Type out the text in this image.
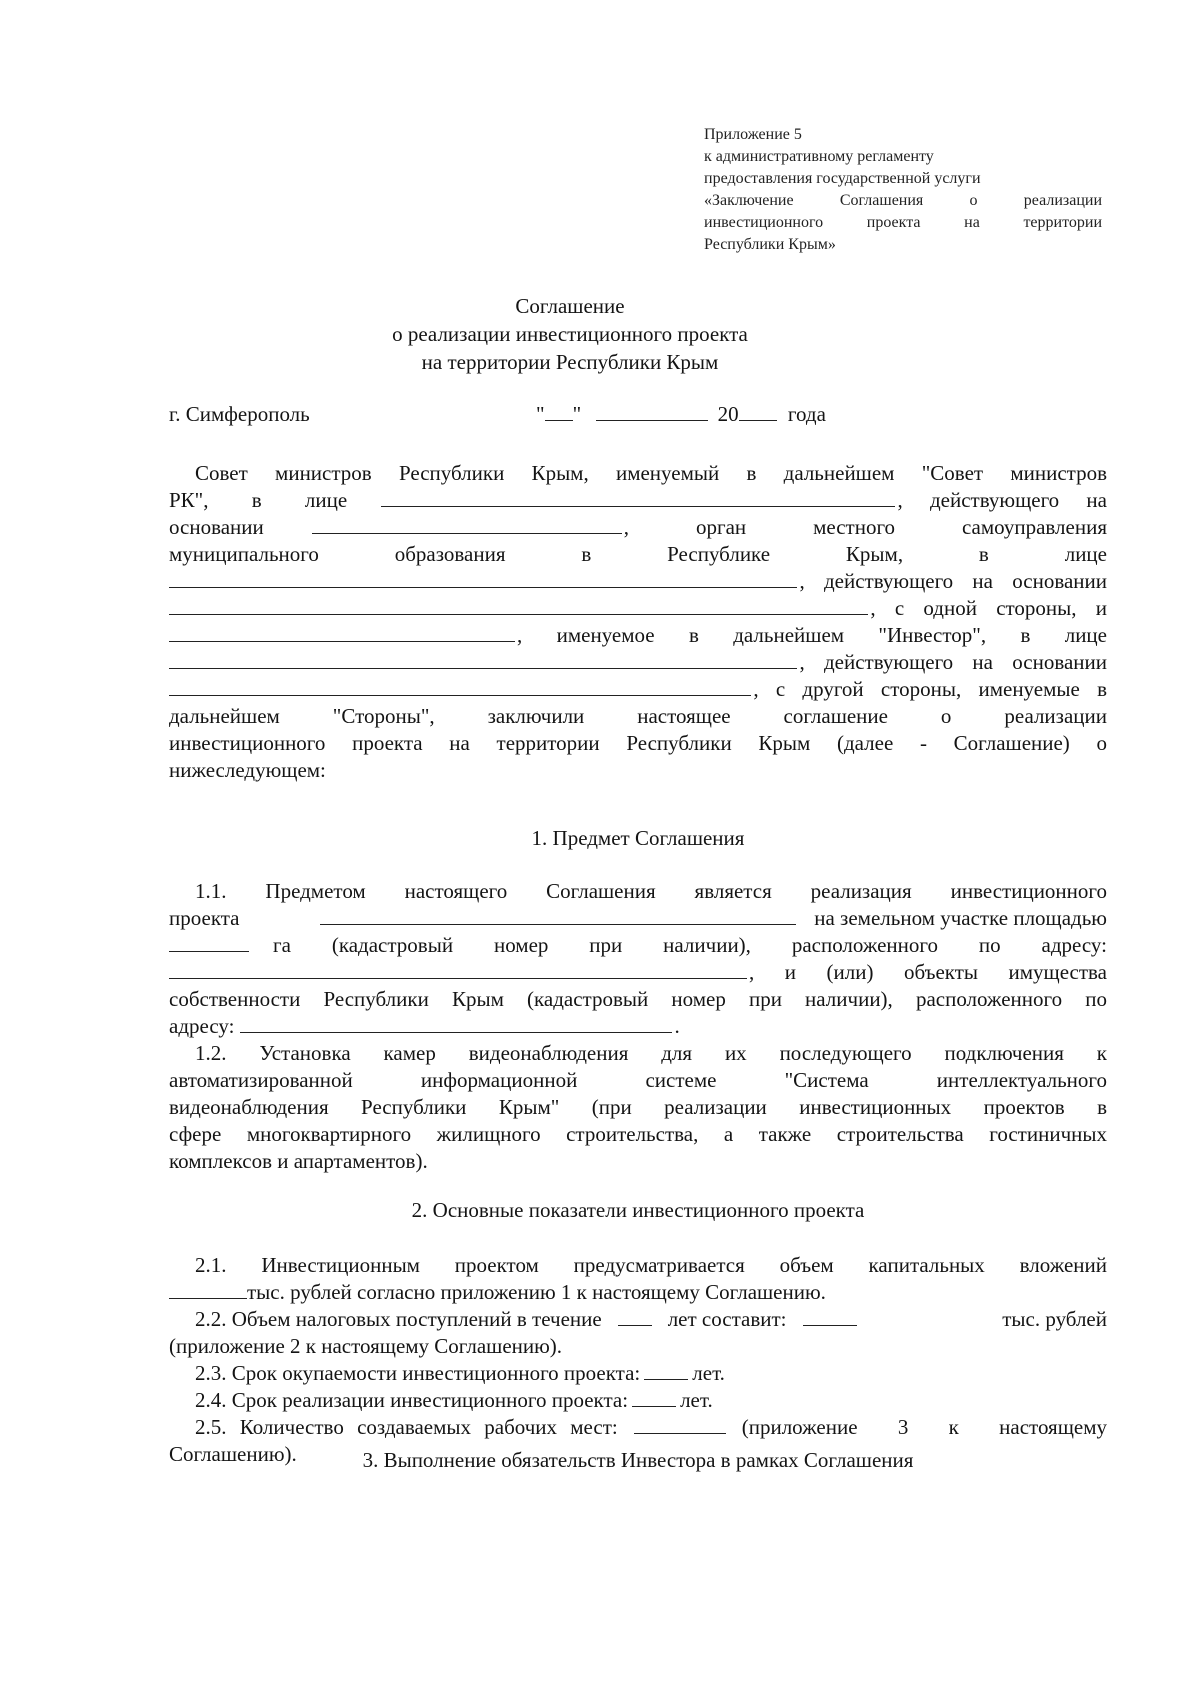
Приложение 5
к административному регламенту
предоставления государственной услуги
«Заключение Соглашения о реализации
инвестиционного проекта на территории
Республики Крым»
Соглашение
о реализации инвестиционного проекта
на территории Республики Крым
г. Симферополь	" "	20 года
Совет министров Республики Крым, именуемый в дальнейшем "Совет министров
РК", в лице	, действующего на
основании	, орган местного самоуправления
муниципального образования в Республике Крым, в лице
, действующего на основании
, с одной стороны, и
, именуемое в дальнейшем "Инвестор", в лице
, действующего на основании
, с другой стороны, именуемые в
дальнейшем "Стороны", заключили настоящее соглашение о реализации
инвестиционного проекта на территории Республики Крым (далее - Соглашение) о
нижеследующем:
1. Предмет Соглашения
1.1. Предметом настоящего Соглашения является реализация инвестиционного
проекта	на земельном участке площадью
га (кадастровый номер при наличии), расположенного по адресу:
, и (или) объекты имущества
собственности Республики Крым (кадастровый номер при наличии), расположенного по
адресу:	.
1.2. Установка камер видеонаблюдения для их последующего подключения к
автоматизированной информационной системе "Система интеллектуального
видеонаблюдения Республики Крым" (при реализации инвестиционных проектов в
сфере многоквартирного жилищного строительства, а также строительства гостиничных
комплексов и апартаментов).
2. Основные показатели инвестиционного проекта
2.1. Инвестиционным проектом предусматривается объем капитальных вложений
тыс. рублей согласно приложению 1 к настоящему Соглашению.
2.2. Объем налоговых поступлений в течение	лет составит:	тыс. рублей
(приложение 2 к настоящему Соглашению).
2.3. Срок окупаемости инвестиционного проекта: лет.
2.4. Срок реализации инвестиционного проекта: лет.
2.5. Количество создаваемых рабочих мест:	(приложение 3 к настоящему
Соглашению).	3. Выполнение обязательств Инвестора в рамках Соглашения
